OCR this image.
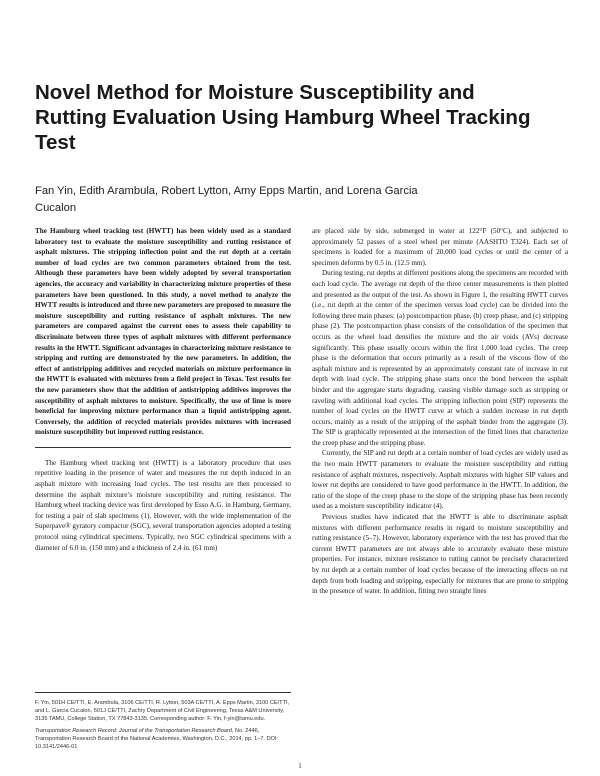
Novel Method for Moisture Susceptibility and Rutting Evaluation Using Hamburg Wheel Tracking Test
Fan Yin, Edith Arambula, Robert Lytton, Amy Epps Martin, and Lorena Garcia Cucalon

The Hamburg wheel tracking test (HWTT) has been widely used as a standard laboratory test to evaluate the moisture susceptibility and rutting resistance of asphalt mixtures. The stripping inflection point and the rut depth at a certain number of load cycles are two common parameters obtained from the test. Although these parameters have been widely adopted by several transportation agencies, the accuracy and variability in characterizing mixture properties of these parameters have been questioned. In this study, a novel method to analyze the HWTT results is introduced and three new parameters are proposed to measure the moisture susceptibility and rutting resistance of asphalt mixtures. The new parameters are compared against the current ones to assess their capability to discriminate between three types of asphalt mixtures with different performance results in the HWTT. Significant advantages in characterizing mixture resistance to stripping and rutting are demonstrated by the new parameters. In addition, the effect of antistripping additives and recycled materials on mixture performance in the HWTT is evaluated with mixtures from a field project in Texas. Test results for the new parameters show that the addition of antistripping additives improves the susceptibility of asphalt mixtures to moisture. Specifically, the use of lime is more beneficial for improving mixture performance than a liquid antistripping agent. Conversely, the addition of recycled materials provides mixtures with increased moisture susceptibility but improved rutting resistance.

The Hamburg wheel tracking test (HWTT) is a laboratory procedure that uses repetitive loading in the presence of water and measures the rut depth induced in an asphalt mixture with increasing load cycles. The test results are then processed to determine the asphalt mixture’s moisture susceptibility and rutting resistance. The Hamburg wheel tracking device was first developed by Esso A.G. in Hamburg, Germany, for testing a pair of slab specimens (1). However, with the wide implementation of the Superpave® gyratory compactor (SGC), several transportation agencies adopted a testing protocol using cylindrical specimens. Typically, two SGC cylindrical specimens with a diameter of 6.0 in. (150 mm) and a thickness of 2.4 in. (61 mm)

are placed side by side, submerged in water at 122°F (50°C), and subjected to approximately 52 passes of a steel wheel per minute (AASHTO T324). Each set of specimens is loaded for a maximum of 20,000 load cycles or until the center of a specimen deforms by 0.5 in. (12.5 mm).

During testing, rut depths at different positions along the specimens are recorded with each load cycle. The average rut depth of the three center measurements is then plotted and presented as the output of the test. As shown in Figure 1, the resulting HWTT curves (i.e., rut depth at the center of the specimen versus load cycle) can be divided into the following three main phases: (a) postcompaction phase, (b) creep phase, and (c) stripping phase (2). The postcompaction phase consists of the consolidation of the specimen that occurs as the wheel load densifies the mixture and the air voids (AVs) decrease significantly. This phase usually occurs within the first 1,000 load cycles. The creep phase is the deformation that occurs primarily as a result of the viscous flow of the asphalt mixture and is represented by an approximately constant rate of increase in rut depth with load cycle. The stripping phase starts once the bond between the asphalt binder and the aggregate starts degrading, causing visible damage such as stripping or raveling with additional load cycles. The stripping inflection point (SIP) represents the number of load cycles on the HWTT curve at which a sudden increase in rut depth occurs, mainly as a result of the stripping of the asphalt binder from the aggregate (3). The SIP is graphically represented at the intersection of the fitted lines that characterize the creep phase and the stripping phase.

Currently, the SIP and rut depth at a certain number of load cycles are widely used as the two main HWTT parameters to evaluate the moisture susceptibility and rutting resistance of asphalt mixtures, respectively. Asphalt mixtures with higher SIP values and lower rut depths are considered to have good performance in the HWTT. In addition, the ratio of the slope of the creep phase to the slope of the stripping phase has been recently used as a moisture susceptibility indicator (4).

Previous studies have indicated that the HWTT is able to discriminate asphalt mixtures with different performance results in regard to moisture susceptibility and rutting resistance (5–7). However, laboratory experience with the test has proved that the current HWTT parameters are not always able to accurately evaluate these mixture properties. For instance, mixture resistance to rutting cannot be precisely characterized by rut depth at a certain number of load cycles because of the interacting effects on rut depth from both loading and stripping, especially for mixtures that are prone to stripping in the presence of water. In addition, fitting two straight lines

F. Yin, 501H CE/TTI, E. Arambula, 3106 CE/TTI, R. Lytton, 503A CE/TTI, A. Epps Martin, 3100 CE/TTI, and L. Garcia Cucalon, 501J CE/TTI, Zachry Department of Civil Engineering, Texas A&M University, 3135 TAMU, College Station, TX 77843-3135. Corresponding author: F. Yin, f-yin@tamu.edu.

Transportation Research Record: Journal of the Transportation Research Board, No. 2446, Transportation Research Board of the National Academies, Washington, D.C., 2014, pp. 1–7. DOI: 10.3141/2446-01

1
